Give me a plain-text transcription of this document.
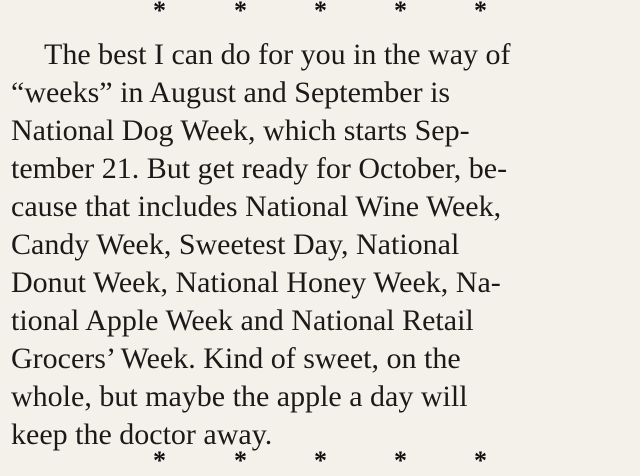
*	*	*	*	*
The best I can do for you in the way of
“weeks” in August and September is
National Dog Week, which starts Sep-
tember 21. But get ready for October, be-
cause that includes National Wine Week,
Candy Week, Sweetest Day, National
Donut Week, National Honey Week, Na-
tional Apple Week and National Retail
Grocers’ Week. Kind of sweet, on the
whole, but maybe the apple a day will
keep the doctor away.
*	*	*	*	*
